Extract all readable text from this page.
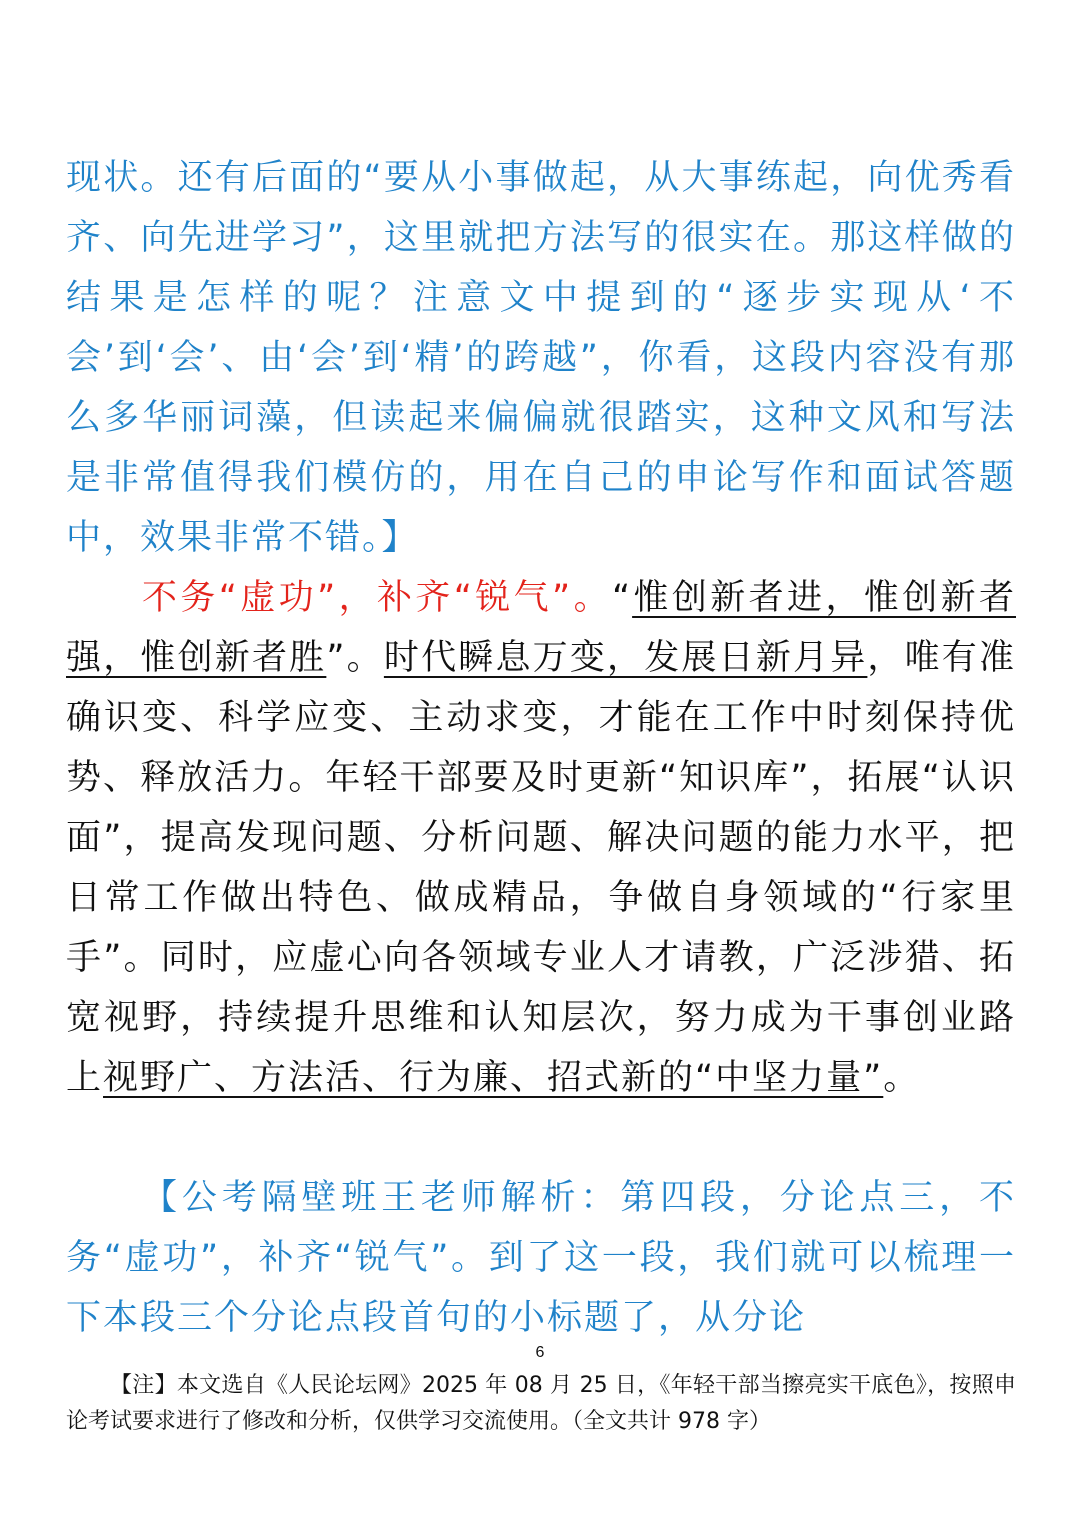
现状。还有后面的“要从小事做起，从大事练起，向优秀看齐、向先进学习”，这里就把方法写的很实在。那这样做的结果是怎样的呢？注意文中提到的“逐步实现从‘不会’到‘会’、由‘会’到‘精’的跨越”，你看，这段内容没有那么多华丽词藻，但读起来偏偏就很踏实，这种文风和写法是非常值得我们模仿的，用在自己的申论写作和面试答题中，效果非常不错。】

不务“虚功”，补齐“锐气”。“惟创新者进，惟创新者强，惟创新者胜”。时代瞬息万变，发展日新月异，唯有准确识变、科学应变、主动求变，才能在工作中时刻保持优势、释放活力。年轻干部要及时更新“知识库”，拓展“认识面”，提高发现问题、分析问题、解决问题的能力水平，把日常工作做出特色、做成精品，争做自身领域的“行家里手”。同时，应虚心向各领域专业人才请教，广泛涉猎、拓宽视野，持续提升思维和认知层次，努力成为干事创业路上视野广、方法活、行为廉、招式新的“中坚力量”。

【公考隔壁班王老师解析：第四段，分论点三，不务“虚功”，补齐“锐气”。到了这一段，我们就可以梳理一下本段三个分论点段首句的小标题了，从分论

6

【注】本文选自《人民论坛网》2025 年 08 月 25 日，《年轻干部当擦亮实干底色》，按照申论考试要求进行了修改和分析，仅供学习交流使用。（全文共计 978 字）
